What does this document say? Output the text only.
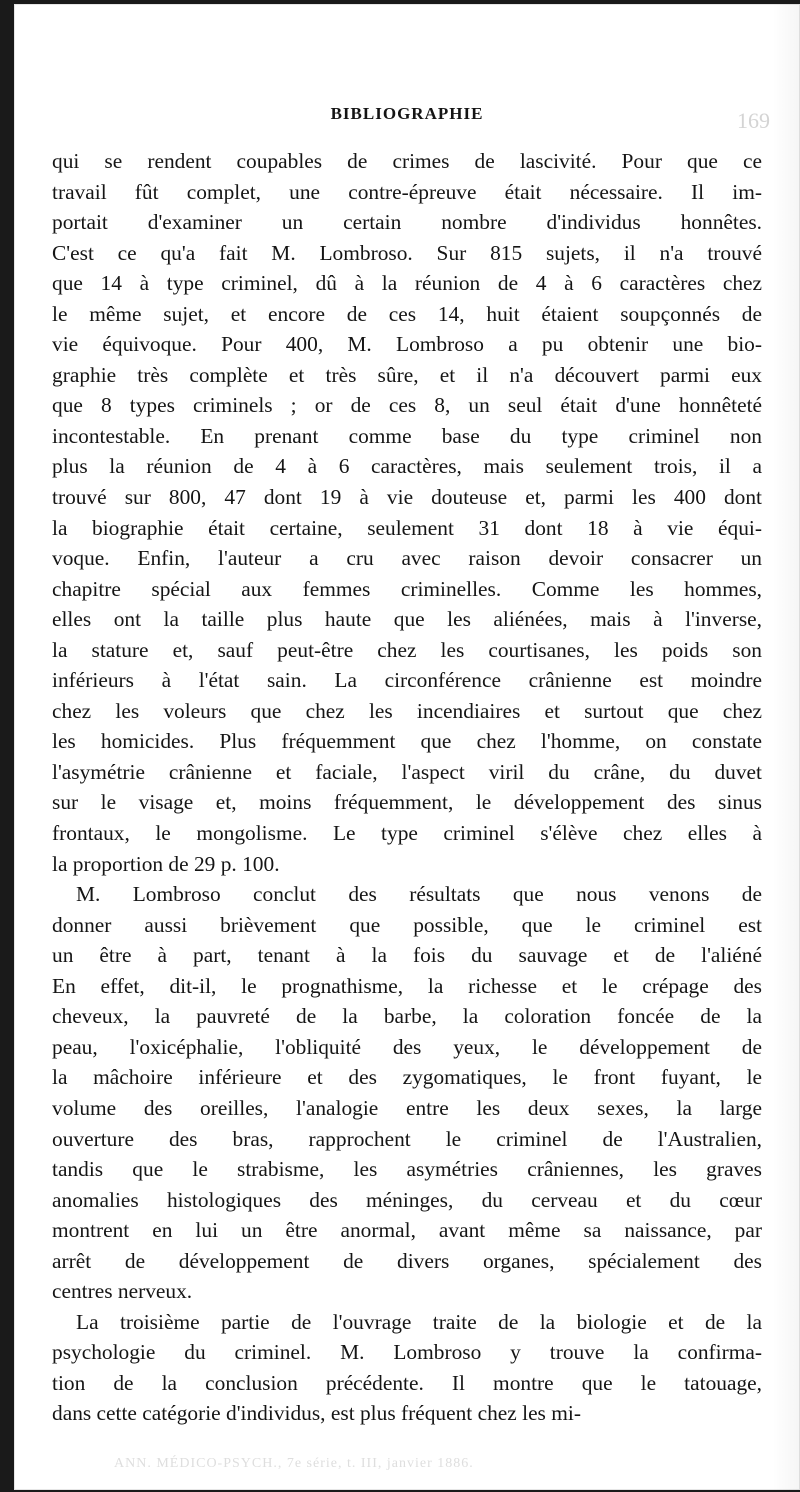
BIBLIOGRAPHIE	169
qui se rendent coupables de crimes de lascivité. Pour que ce
travail fût complet, une contre-épreuve était nécessaire. Il im-
portait d'examiner un certain nombre d'individus honnêtes.
C'est ce qu'a fait M. Lombroso. Sur 815 sujets, il n'a trouvé
que 14 à type criminel, dû à la réunion de 4 à 6 caractères chez
le même sujet, et encore de ces 14, huit étaient soupçonnés de
vie équivoque. Pour 400, M. Lombroso a pu obtenir une bio-
graphie très complète et très sûre, et il n'a découvert parmi eux
que 8 types criminels ; or de ces 8, un seul était d'une honnêteté
incontestable. En prenant comme base du type criminel non
plus la réunion de 4 à 6 caractères, mais seulement trois, il a
trouvé sur 800, 47 dont 19 à vie douteuse et, parmi les 400 dont
la biographie était certaine, seulement 31 dont 18 à vie équi-
voque. Enfin, l'auteur a cru avec raison devoir consacrer un
chapitre spécial aux femmes criminelles. Comme les hommes,
elles ont la taille plus haute que les aliénées, mais à l'inverse,
la stature et, sauf peut-être chez les courtisanes, les poids son
inférieurs à l'état sain. La circonférence crânienne est moindre
chez les voleurs que chez les incendiaires et surtout que chez
les homicides. Plus fréquemment que chez l'homme, on constate
l'asymétrie crânienne et faciale, l'aspect viril du crâne, du duvet
sur le visage et, moins fréquemment, le développement des sinus
frontaux, le mongolisme. Le type criminel s'élève chez elles à
la proportion de 29 p. 100.
M. Lombroso conclut des résultats que nous venons de
donner aussi brièvement que possible, que le criminel est
un être à part, tenant à la fois du sauvage et de l'aliéné
En effet, dit-il, le prognathisme, la richesse et le crépage des
cheveux, la pauvreté de la barbe, la coloration foncée de la
peau, l'oxicéphalie, l'obliquité des yeux, le développement de
la mâchoire inférieure et des zygomatiques, le front fuyant, le
volume des oreilles, l'analogie entre les deux sexes, la large
ouverture des bras, rapprochent le criminel de l'Australien,
tandis que le strabisme, les asymétries crâniennes, les graves
anomalies histologiques des méninges, du cerveau et du cœur
montrent en lui un être anormal, avant même sa naissance, par
arrêt de développement de divers organes, spécialement des
centres nerveux.
La troisième partie de l'ouvrage traite de la biologie et de la
psychologie du criminel. M. Lombroso y trouve la confirma-
tion de la conclusion précédente. Il montre que le tatouage,
dans cette catégorie d'individus, est plus fréquent chez les mi-
ANN. MÉDICO-PSYCH., 7e série, t. III, janvier 1886.
